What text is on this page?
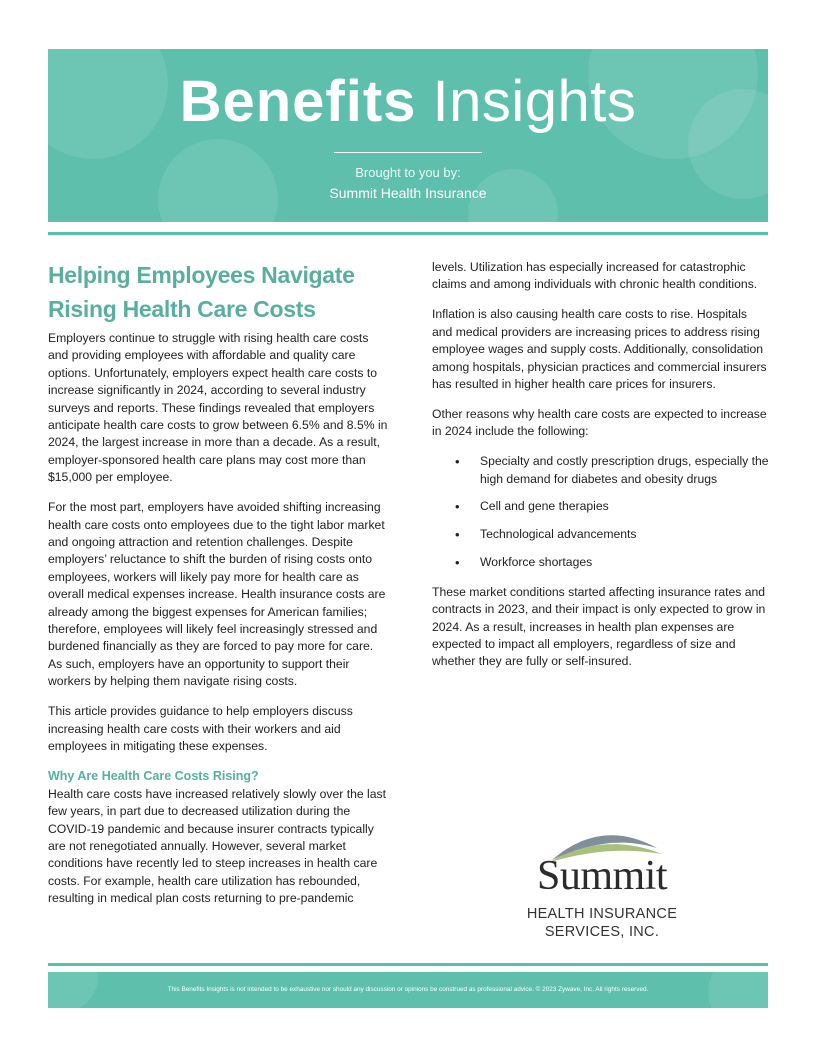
Benefits Insights
Brought to you by:
Summit Health Insurance
Helping Employees Navigate Rising Health Care Costs

Employers continue to struggle with rising health care costs and providing employees with affordable and quality care options. Unfortunately, employers expect health care costs to increase significantly in 2024, according to several industry surveys and reports. These findings revealed that employers anticipate health care costs to grow between 6.5% and 8.5% in 2024, the largest increase in more than a decade. As a result, employer-sponsored health care plans may cost more than $15,000 per employee.

For the most part, employers have avoided shifting increasing health care costs onto employees due to the tight labor market and ongoing attraction and retention challenges. Despite employers’ reluctance to shift the burden of rising costs onto employees, workers will likely pay more for health care as overall medical expenses increase. Health insurance costs are already among the biggest expenses for American families; therefore, employees will likely feel increasingly stressed and burdened financially as they are forced to pay more for care. As such, employers have an opportunity to support their workers by helping them navigate rising costs.

This article provides guidance to help employers discuss increasing health care costs with their workers and aid employees in mitigating these expenses.

Why Are Health Care Costs Rising?

Health care costs have increased relatively slowly over the last few years, in part due to decreased utilization during the COVID-19 pandemic and because insurer contracts typically are not renegotiated annually. However, several market conditions have recently led to steep increases in health care costs. For example, health care utilization has rebounded, resulting in medical plan costs returning to pre-pandemic

levels. Utilization has especially increased for catastrophic claims and among individuals with chronic health conditions.

Inflation is also causing health care costs to rise. Hospitals and medical providers are increasing prices to address rising employee wages and supply costs. Additionally, consolidation among hospitals, physician practices and commercial insurers has resulted in higher health care prices for insurers.

Other reasons why health care costs are expected to increase in 2024 include the following:

• Specialty and costly prescription drugs, especially the high demand for diabetes and obesity drugs
• Cell and gene therapies
• Technological advancements
• Workforce shortages

These market conditions started affecting insurance rates and contracts in 2023, and their impact is only expected to grow in 2024. As a result, increases in health plan expenses are expected to impact all employers, regardless of size and whether they are fully or self-insured.

Summit
HEALTH INSURANCE
SERVICES, INC.
This Benefits Insights is not intended to be exhaustive nor should any discussion or opinions be construed as professional advice. © 2023 Zywave, Inc. All rights reserved.
